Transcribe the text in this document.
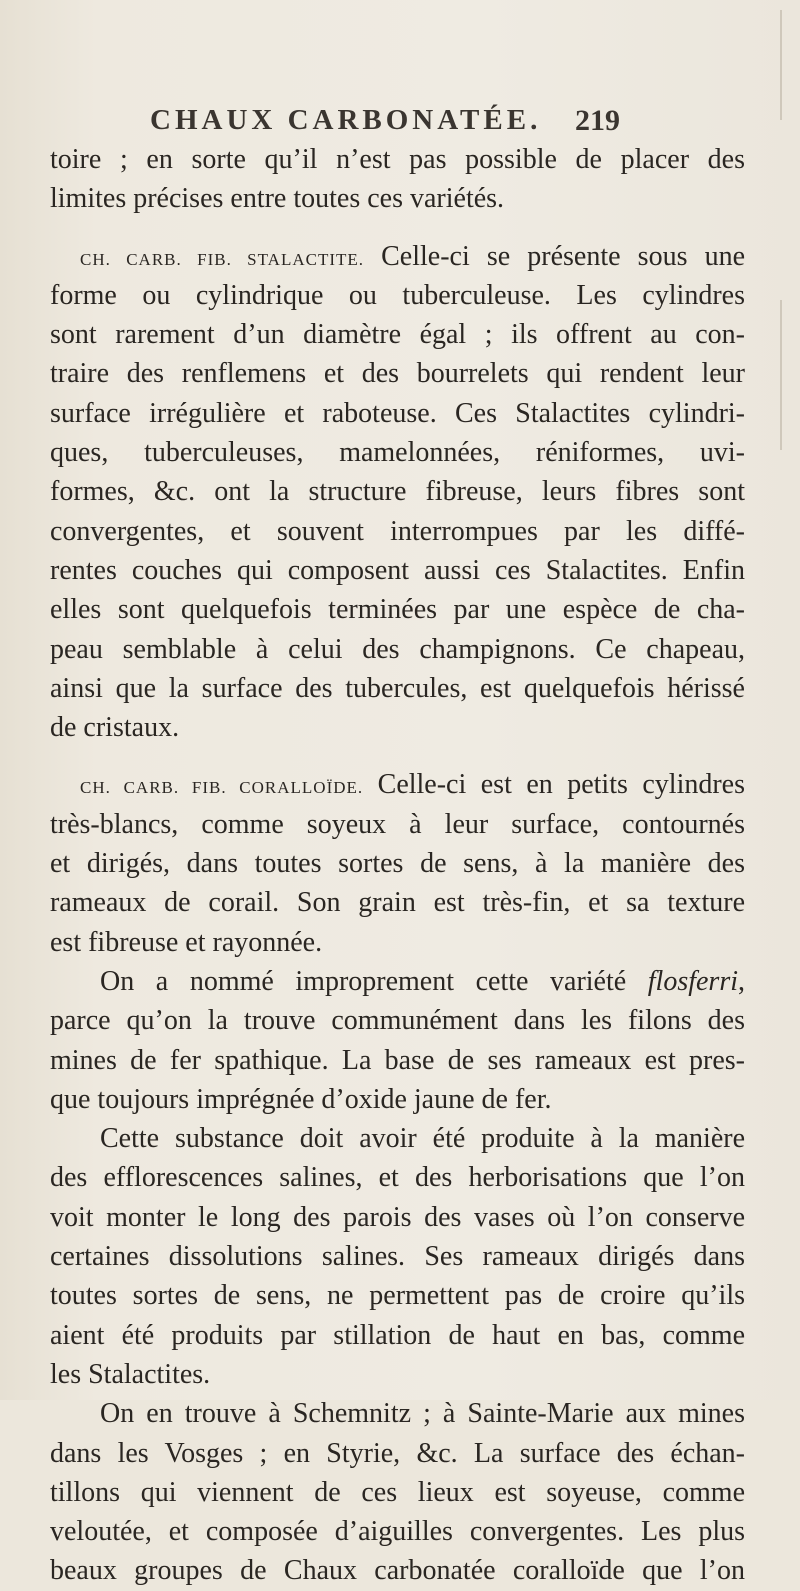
CHAUX CARBONATÉE. 219
toire ; en sorte qu’il n’est pas possible de placer des
limites précises entre toutes ces variétés.
CH. CARB. FIB. STALACTITE. Celle-ci se présente sous une
forme ou cylindrique ou tuberculeuse. Les cylindres
sont rarement d’un diamètre égal ; ils offrent au con-
traire des renflemens et des bourrelets qui rendent leur
surface irrégulière et raboteuse. Ces Stalactites cylindri-
ques, tuberculeuses, mamelonnées, réniformes, uvi-
formes, &c. ont la structure fibreuse, leurs fibres sont
convergentes, et souvent interrompues par les diffé-
rentes couches qui composent aussi ces Stalactites. Enfin
elles sont quelquefois terminées par une espèce de cha-
peau semblable à celui des champignons. Ce chapeau,
ainsi que la surface des tubercules, est quelquefois hérissé
de cristaux.
CH. CARB. FIB. CORALLOÏDE. Celle-ci est en petits cylindres
très-blancs, comme soyeux à leur surface, contournés
et dirigés, dans toutes sortes de sens, à la manière des
rameaux de corail. Son grain est très-fin, et sa texture
est fibreuse et rayonnée.
On a nommé improprement cette variété flosferri,
parce qu’on la trouve communément dans les filons des
mines de fer spathique. La base de ses rameaux est pres-
que toujours imprégnée d’oxide jaune de fer.
Cette substance doit avoir été produite à la manière
des efflorescences salines, et des herborisations que l’on
voit monter le long des parois des vases où l’on conserve
certaines dissolutions salines. Ses rameaux dirigés dans
toutes sortes de sens, ne permettent pas de croire qu’ils
aient été produits par stillation de haut en bas, comme
les Stalactites.
On en trouve à Schemnitz ; à Sainte-Marie aux mines
dans les Vosges ; en Styrie, &c. La surface des échan-
tillons qui viennent de ces lieux est soyeuse, comme
veloutée, et composée d’aiguilles convergentes. Les plus
beaux groupes de Chaux carbonatée coralloïde que l’on
